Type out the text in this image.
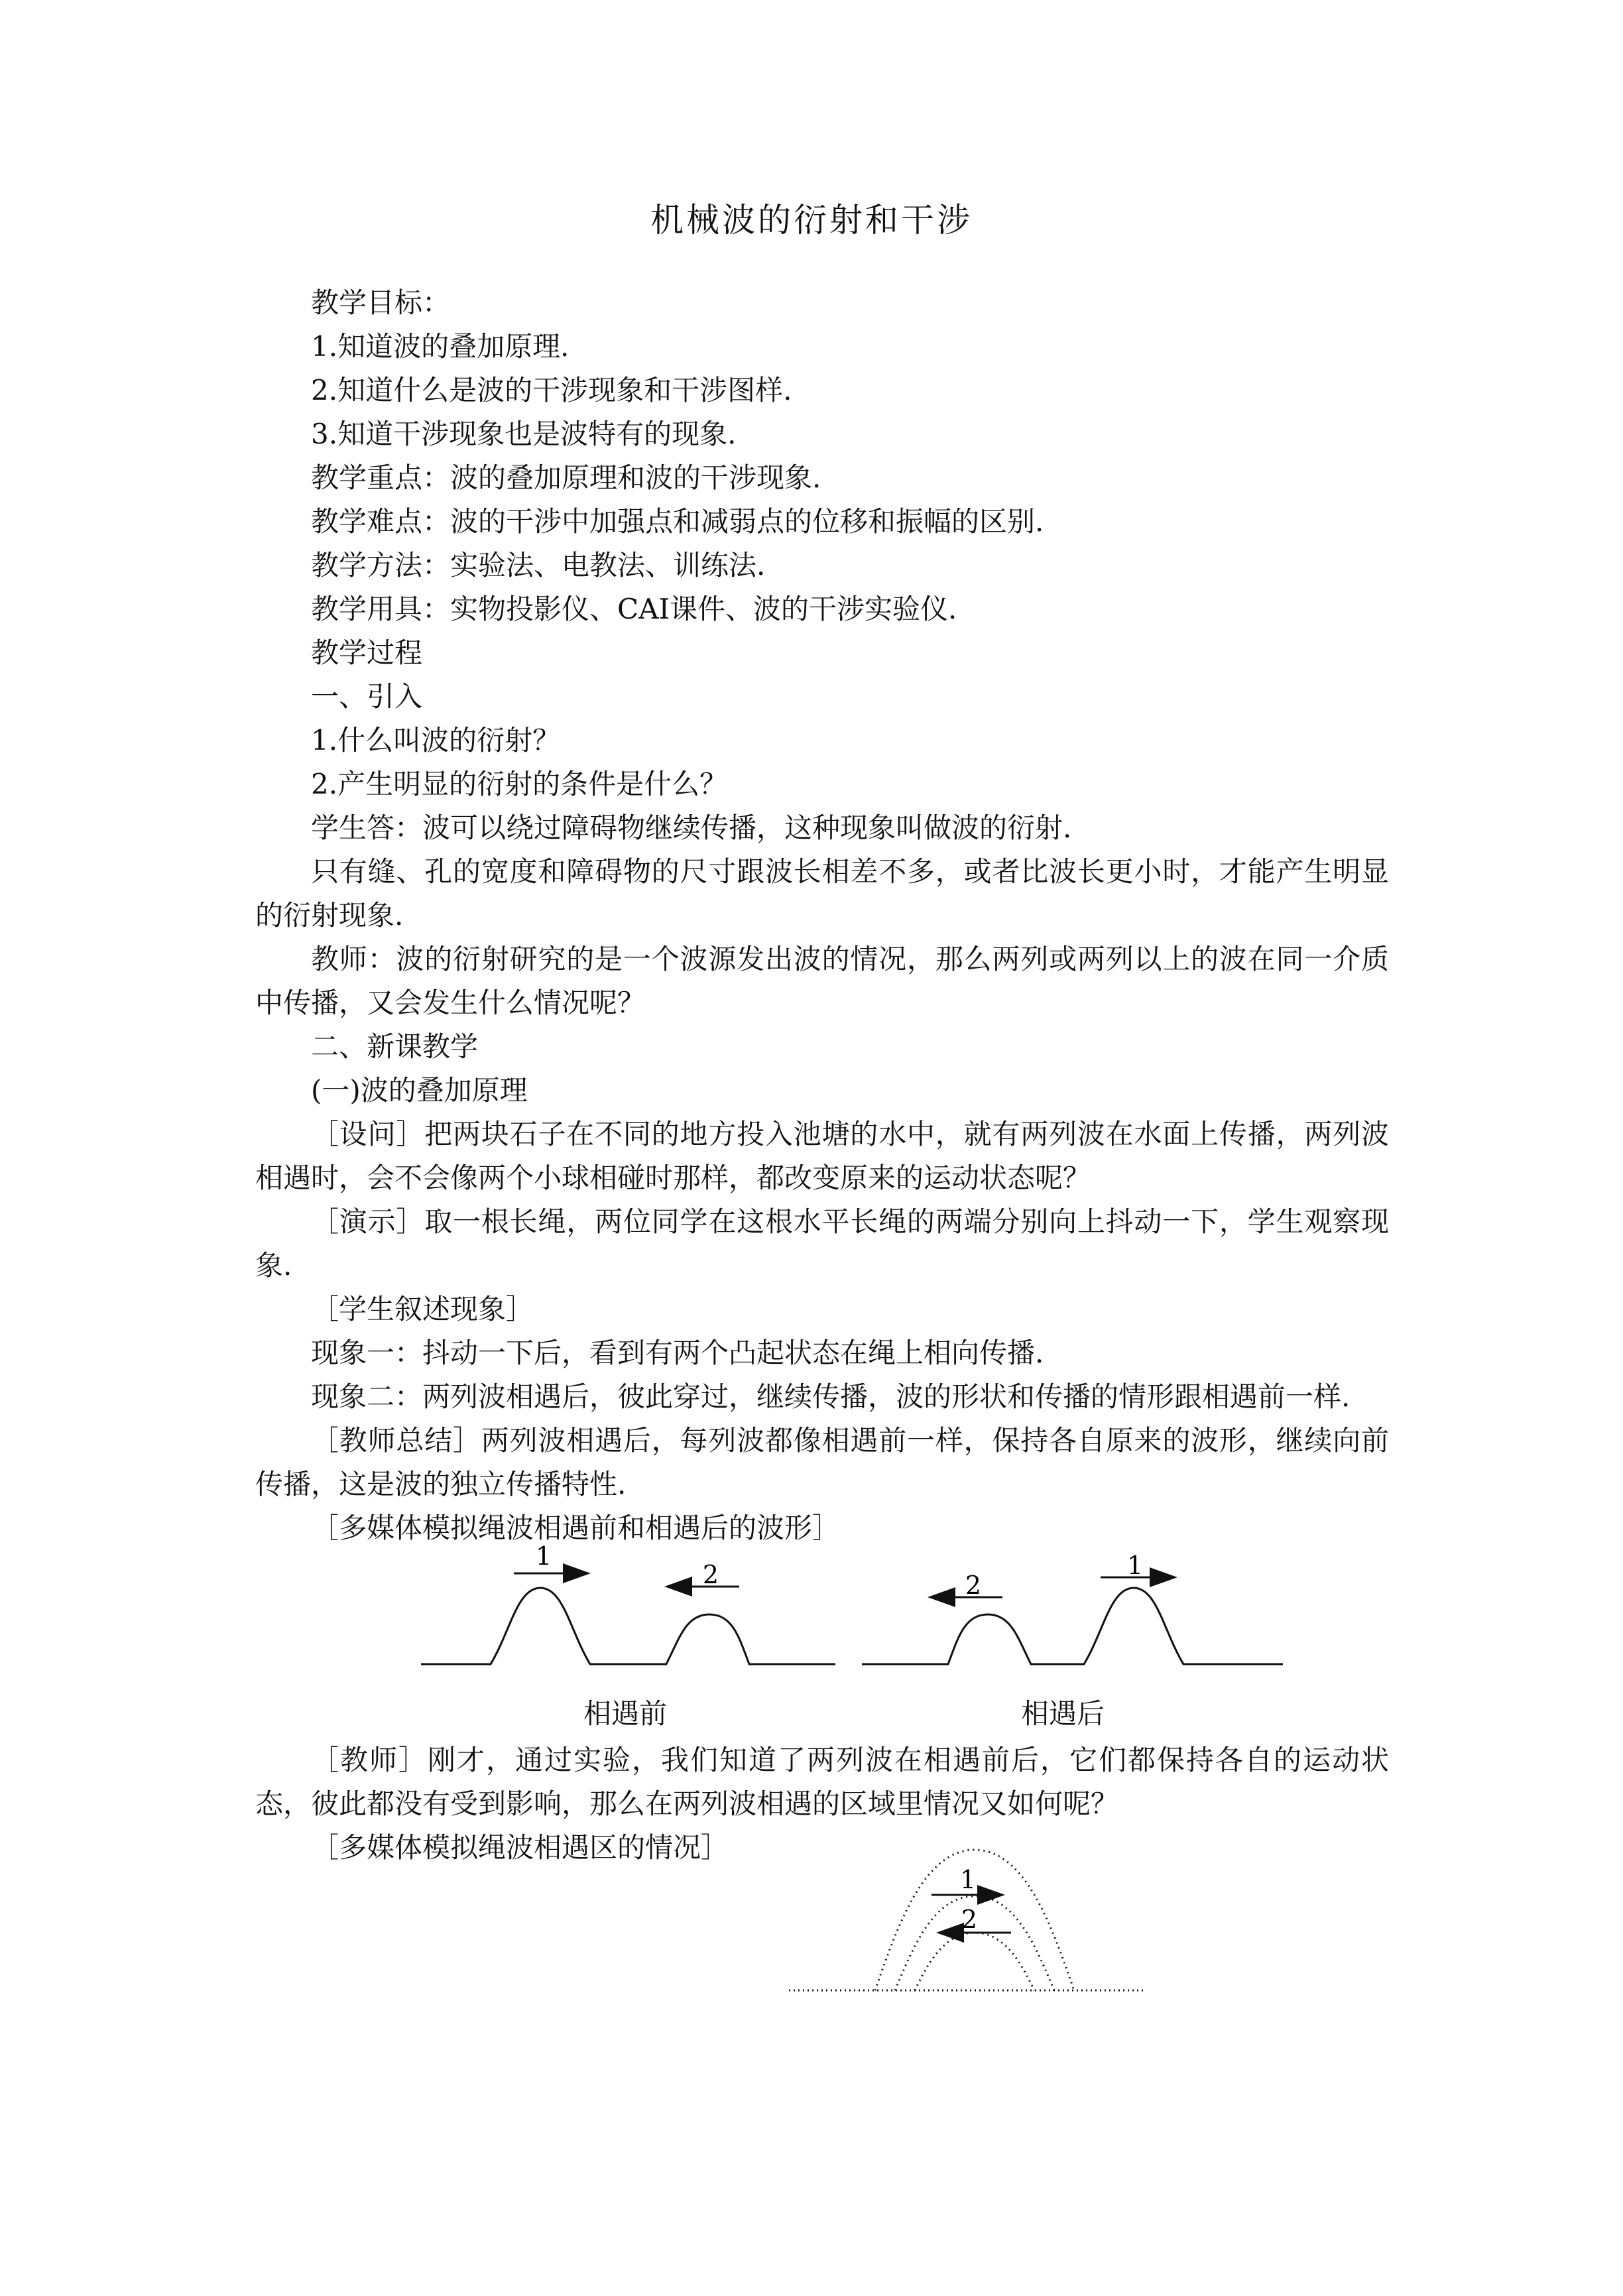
机械波的衍射和干涉

教学目标：

1.知道波的叠加原理.

2.知道什么是波的干涉现象和干涉图样.

3.知道干涉现象也是波特有的现象.

教学重点：波的叠加原理和波的干涉现象.

教学难点：波的干涉中加强点和减弱点的位移和振幅的区别.

教学方法：实验法、电教法、训练法.

教学用具：实物投影仪、CAI课件、波的干涉实验仪.

教学过程

一、引入

1.什么叫波的衍射？

2.产生明显的衍射的条件是什么？

学生答：波可以绕过障碍物继续传播，这种现象叫做波的衍射.

只有缝、孔的宽度和障碍物的尺寸跟波长相差不多，或者比波长更小时，才能产生明显的衍射现象.

教师：波的衍射研究的是一个波源发出波的情况，那么两列或两列以上的波在同一介质中传播，又会发生什么情况呢？

二、新课教学

(一)波的叠加原理

［设问］把两块石子在不同的地方投入池塘的水中，就有两列波在水面上传播，两列波相遇时，会不会像两个小球相碰时那样，都改变原来的运动状态呢？

［演示］取一根长绳，两位同学在这根水平长绳的两端分别向上抖动一下，学生观察现象.

［学生叙述现象］

现象一：抖动一下后，看到有两个凸起状态在绳上相向传播.

现象二：两列波相遇后，彼此穿过，继续传播，波的形状和传播的情形跟相遇前一样.

［教师总结］两列波相遇后，每列波都像相遇前一样，保持各自原来的波形，继续向前传播，这是波的独立传播特性.

［多媒体模拟绳波相遇前和相遇后的波形］

1
2	2
1
相遇前	相遇后

［教师］刚才，通过实验，我们知道了两列波在相遇前后，它们都保持各自的运动状态，彼此都没有受到影响，那么在两列波相遇的区域里情况又如何呢？

［多媒体模拟绳波相遇区的情况］

1
2
